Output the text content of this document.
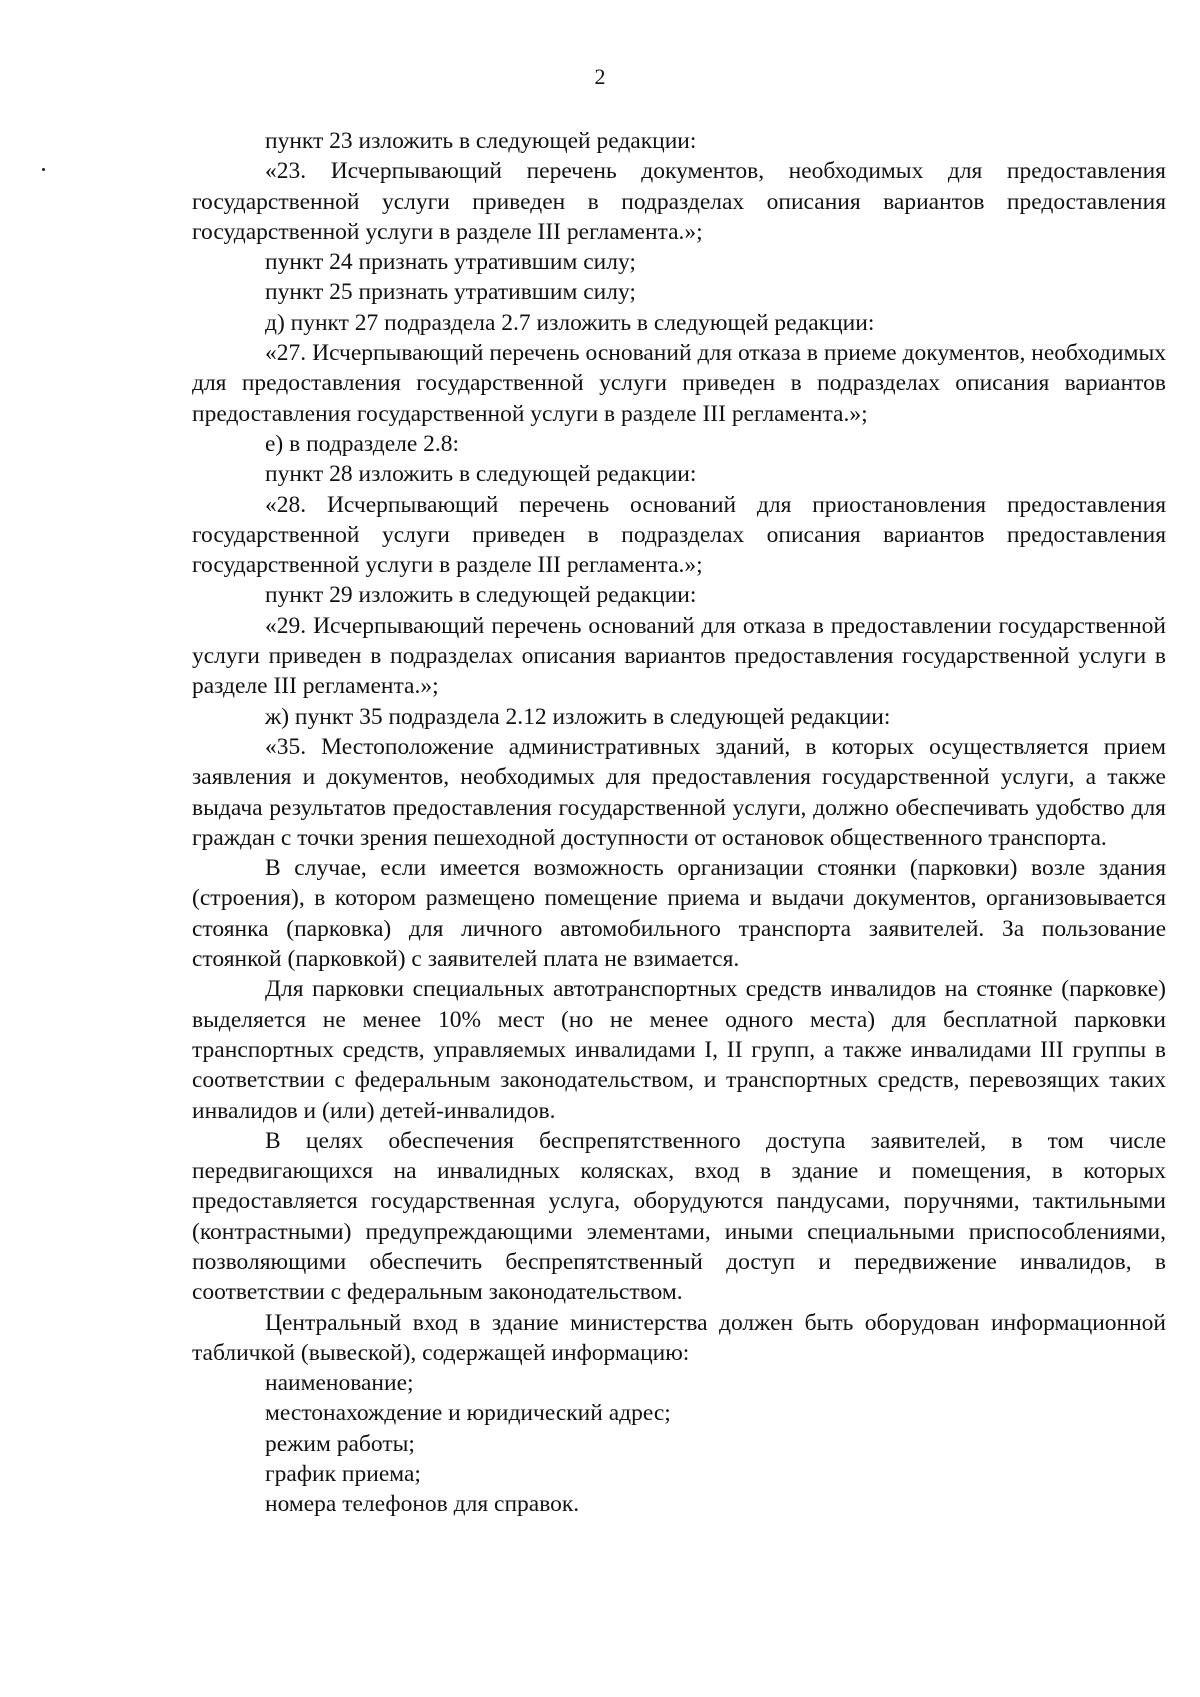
2

пункт 23 изложить в следующей редакции:

«23. Исчерпывающий перечень документов, необходимых для предоставления государственной услуги приведен в подразделах описания вариантов предоставления государственной услуги в разделе III регламента.»;

пункт 24 признать утратившим силу;

пункт 25 признать утратившим силу;

д) пункт 27 подраздела 2.7 изложить в следующей редакции:

«27. Исчерпывающий перечень оснований для отказа в приеме документов, необходимых для предоставления государственной услуги приведен в подразделах описания вариантов предоставления государственной услуги в разделе III регламента.»;

е) в подразделе 2.8:

пункт 28 изложить в следующей редакции:

«28. Исчерпывающий перечень оснований для приостановления предоставления государственной услуги приведен в подразделах описания вариантов предоставления государственной услуги в разделе III регламента.»;

пункт 29 изложить в следующей редакции:

«29. Исчерпывающий перечень оснований для отказа в предоставлении государственной услуги приведен в подразделах описания вариантов предоставления государственной услуги в разделе III регламента.»;

ж) пункт 35 подраздела 2.12 изложить в следующей редакции:

«35. Местоположение административных зданий, в которых осуществляется прием заявления и документов, необходимых для предоставления государственной услуги, а также выдача результатов предоставления государственной услуги, должно обеспечивать удобство для граждан с точки зрения пешеходной доступности от остановок общественного транспорта.

В случае, если имеется возможность организации стоянки (парковки) возле здания (строения), в котором размещено помещение приема и выдачи документов, организовывается стоянка (парковка) для личного автомобильного транспорта заявителей. За пользование стоянкой (парковкой) с заявителей плата не взимается.

Для парковки специальных автотранспортных средств инвалидов на стоянке (парковке) выделяется не менее 10% мест (но не менее одного места) для бесплатной парковки транспортных средств, управляемых инвалидами I, II групп, а также инвалидами III группы в соответствии с федеральным законодательством, и транспортных средств, перевозящих таких инвалидов и (или) детей-инвалидов.

В целях обеспечения беспрепятственного доступа заявителей, в том числе передвигающихся на инвалидных колясках, вход в здание и помещения, в которых предоставляется государственная услуга, оборудуются пандусами, поручнями, тактильными (контрастными) предупреждающими элементами, иными специальными приспособлениями, позволяющими обеспечить беспрепятственный доступ и передвижение инвалидов, в соответствии с федеральным законодательством.

Центральный вход в здание министерства должен быть оборудован информационной табличкой (вывеской), содержащей информацию:

наименование;

местонахождение и юридический адрес;

режим работы;

график приема;

номера телефонов для справок.
